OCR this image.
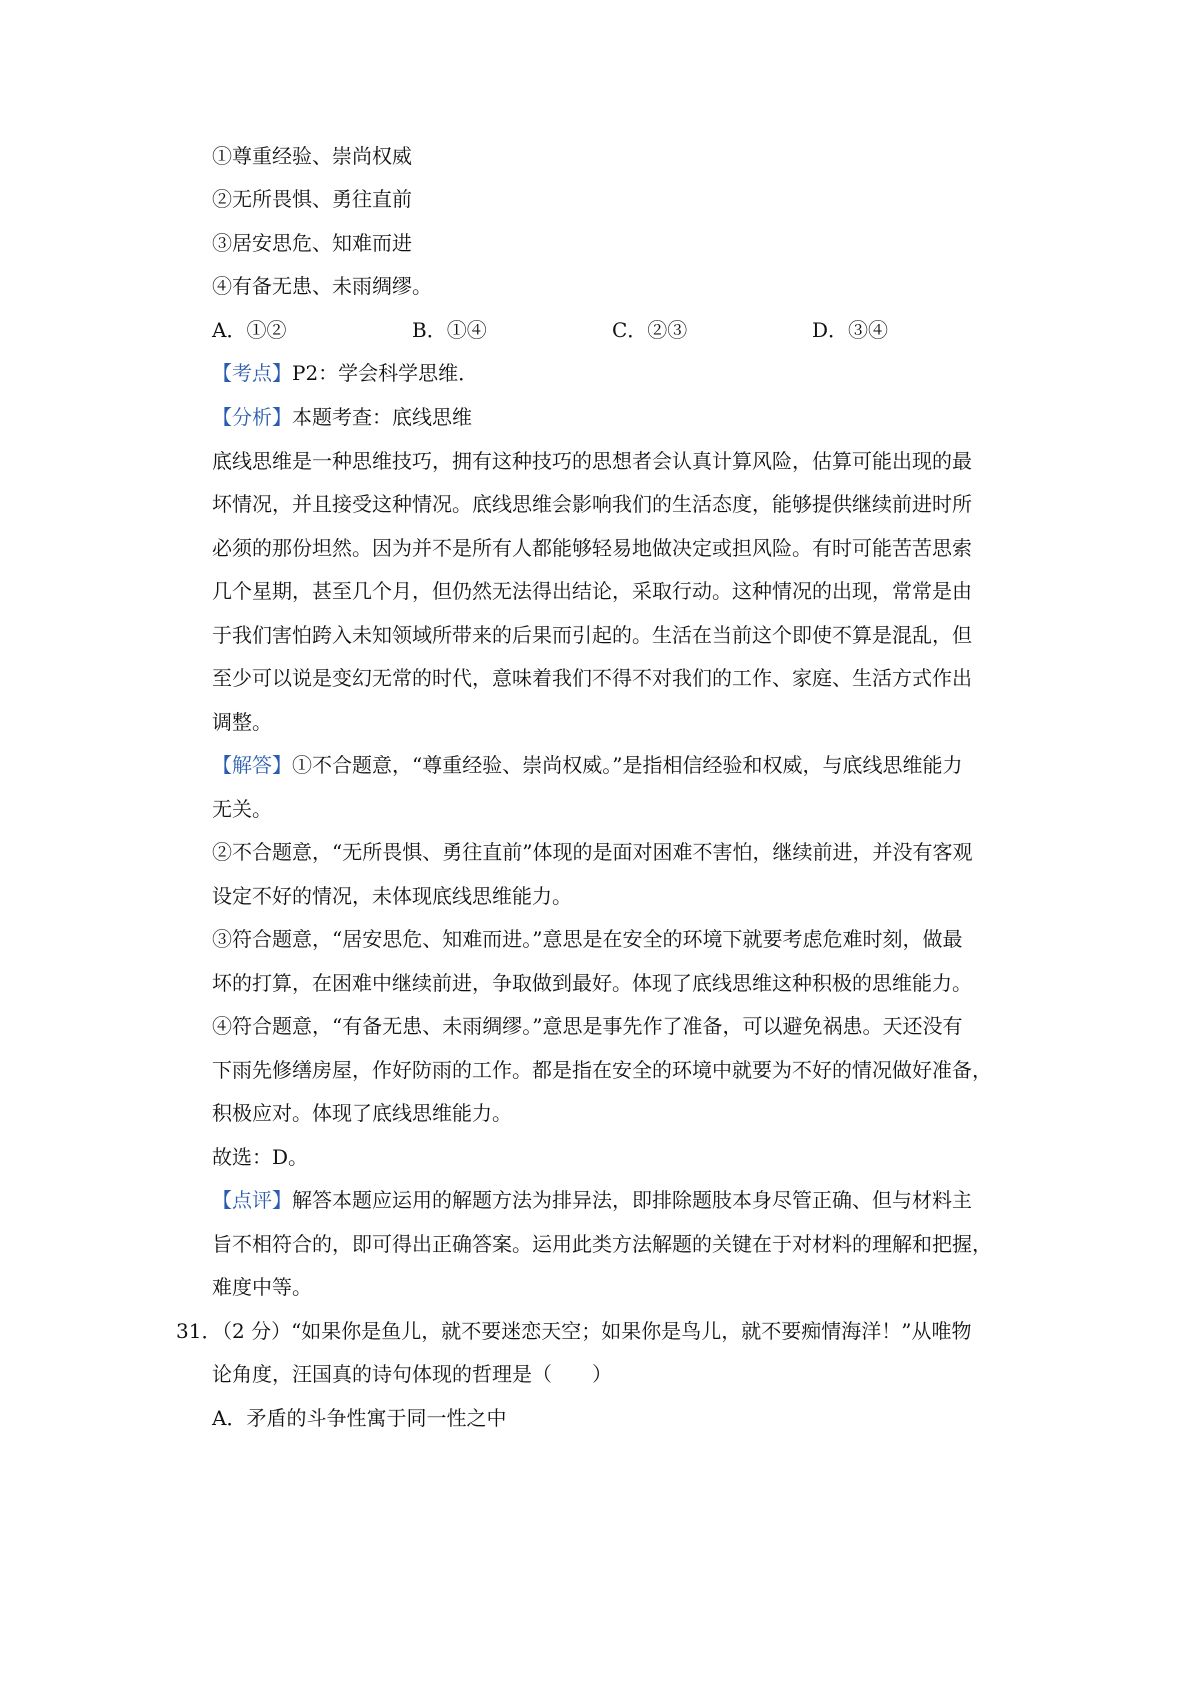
①尊重经验、崇尚权威
②无所畏惧、勇往直前
③居安思危、知难而进
④有备无患、未雨绸缪。
A．①②	B．①④	C．②③	D．③④
【考点】P2：学会科学思维．
【分析】本题考查：底线思维
底线思维是一种思维技巧，拥有这种技巧的思想者会认真计算风险，估算可能出现的最
坏情况，并且接受这种情况。底线思维会影响我们的生活态度，能够提供继续前进时所
必须的那份坦然。因为并不是所有人都能够轻易地做决定或担风险。有时可能苦苦思索
几个星期，甚至几个月，但仍然无法得出结论，采取行动。这种情况的出现，常常是由
于我们害怕跨入未知领域所带来的后果而引起的。生活在当前这个即使不算是混乱，但
至少可以说是变幻无常的时代，意味着我们不得不对我们的工作、家庭、生活方式作出
调整。
【解答】①不合题意，“尊重经验、崇尚权威。”是指相信经验和权威，与底线思维能力
无关。
②不合题意，“无所畏惧、勇往直前”体现的是面对困难不害怕，继续前进，并没有客观
设定不好的情况，未体现底线思维能力。
③符合题意，“居安思危、知难而进。”意思是在安全的环境下就要考虑危难时刻，做最
坏的打算，在困难中继续前进，争取做到最好。体现了底线思维这种积极的思维能力。
④符合题意，“有备无患、未雨绸缪。”意思是事先作了准备，可以避免祸患。天还没有
下雨先修缮房屋，作好防雨的工作。都是指在安全的环境中就要为不好的情况做好准备，
积极应对。体现了底线思维能力。
故选：D。
【点评】解答本题应运用的解题方法为排异法，即排除题肢本身尽管正确、但与材料主
旨不相符合的，即可得出正确答案。运用此类方法解题的关键在于对材料的理解和把握，
难度中等。
31．
（2 分）“如果你是鱼儿，就不要迷恋天空；如果你是鸟儿，就不要痴情海洋！”从唯物
论角度，汪国真的诗句体现的哲理是（　　）
A．矛盾的斗争性寓于同一性之中
